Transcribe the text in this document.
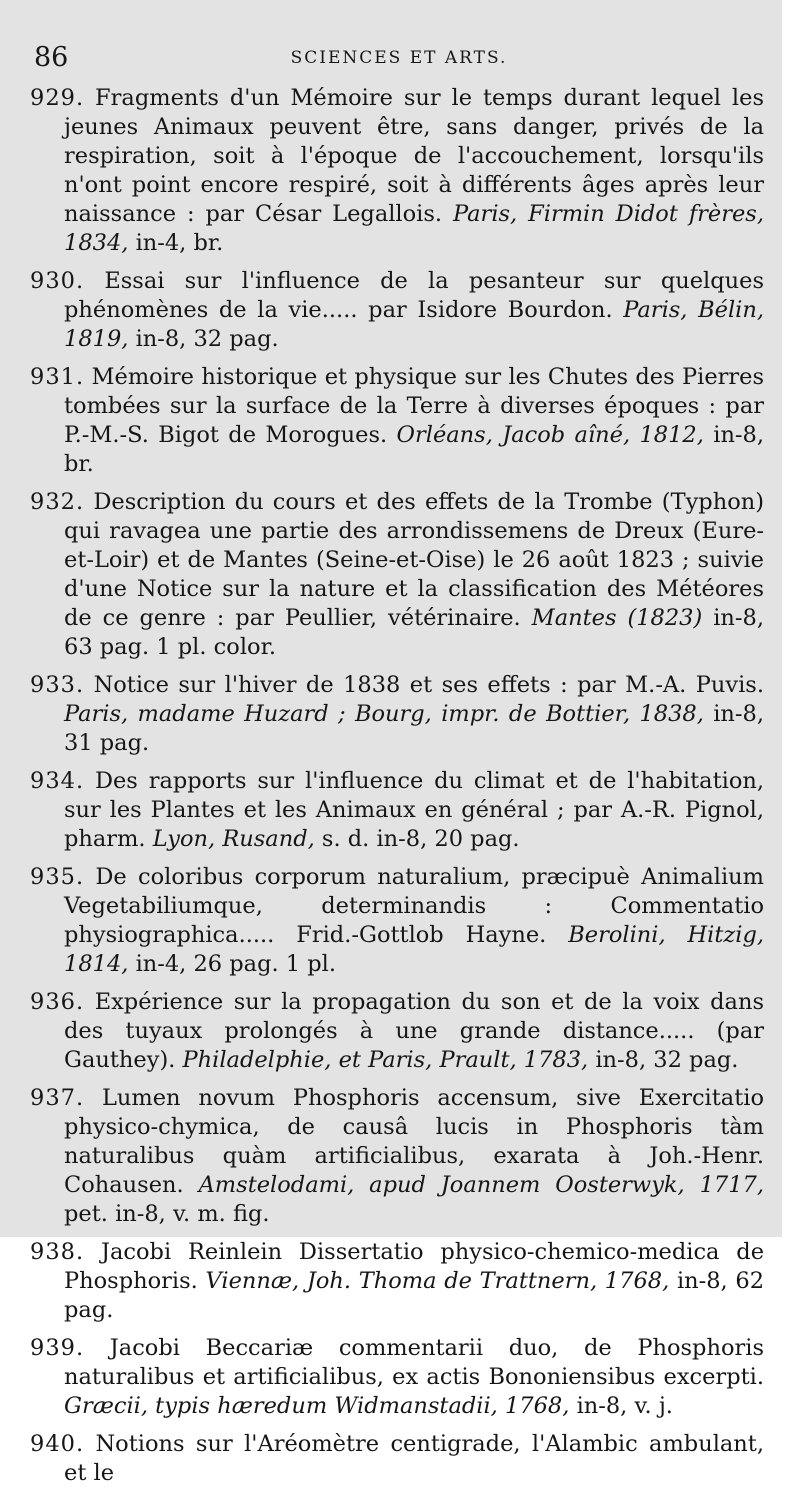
86	SCIENCES ET ARTS.

929. Fragments d'un Mémoire sur le temps durant lequel les jeunes Animaux peuvent être, sans danger, privés de la respiration, soit à l'époque de l'accouchement, lorsqu'ils n'ont point encore respiré, soit à différents âges après leur naissance : par César Legallois. Paris, Firmin Didot frères, 1834, in-4, br.

930. Essai sur l'influence de la pesanteur sur quelques phénomènes de la vie..... par Isidore Bourdon. Paris, Bélin, 1819, in-8, 32 pag.

931. Mémoire historique et physique sur les Chutes des Pierres tombées sur la surface de la Terre à diverses époques : par P.-M.-S. Bigot de Morogues. Orléans, Jacob aîné, 1812, in-8, br.

932. Description du cours et des effets de la Trombe (Typhon) qui ravagea une partie des arrondissemens de Dreux (Eure-et-Loir) et de Mantes (Seine-et-Oise) le 26 août 1823 ; suivie d'une Notice sur la nature et la classification des Météores de ce genre : par Peullier, vétérinaire. Mantes (1823) in-8, 63 pag. 1 pl. color.

933. Notice sur l'hiver de 1838 et ses effets : par M.-A. Puvis. Paris, madame Huzard ; Bourg, impr. de Bottier, 1838, in-8, 31 pag.

934. Des rapports sur l'influence du climat et de l'habitation, sur les Plantes et les Animaux en général ; par A.-R. Pignol, pharm. Lyon, Rusand, s. d. in-8, 20 pag.

935. De coloribus corporum naturalium, præcipuè Animalium Vegetabiliumque, determinandis : Commentatio physiographica..... Frid.-Gottlob Hayne. Berolini, Hitzig, 1814, in-4, 26 pag. 1 pl.

936. Expérience sur la propagation du son et de la voix dans des tuyaux prolongés à une grande distance..... (par Gauthey). Philadelphie, et Paris, Prault, 1783, in-8, 32 pag.

937. Lumen novum Phosphoris accensum, sive Exercitatio physico-chymica, de causâ lucis in Phosphoris tàm naturalibus quàm artificialibus, exarata à Joh.-Henr. Cohausen. Amstelodami, apud Joannem Oosterwyk, 1717, pet. in-8, v. m. fig.

938. Jacobi Reinlein Dissertatio physico-chemico-medica de Phosphoris. Viennæ, Joh. Thoma de Trattnern, 1768, in-8, 62 pag.

939. Jacobi Beccariæ commentarii duo, de Phosphoris naturalibus et artificialibus, ex actis Bononiensibus excerpti. Græcii, typis hæredum Widmanstadii, 1768, in-8, v. j.

940. Notions sur l'Aréomètre centigrade, l'Alambic ambulant, et le
